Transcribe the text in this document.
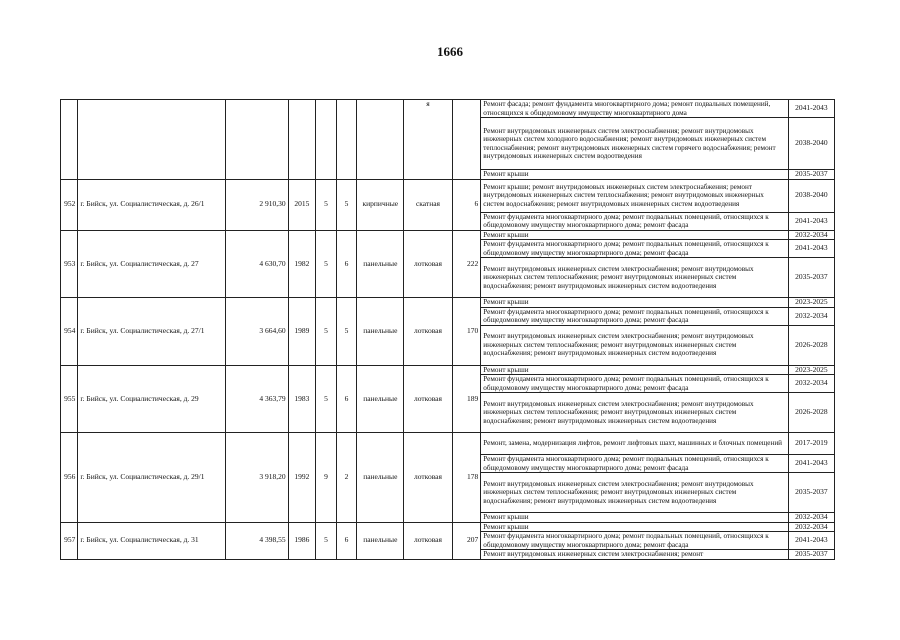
1666
							я		Ремонт фасада; ремонт фундамента многоквартирного дома; ремонт подвальных помещений, относящихся к общедомовому имуществу многоквартирного дома	2041-2043
									Ремонт внутридомовых инженерных систем электроснабжения; ремонт внутридомовых инженерных систем холодного водоснабжения; ремонт внутридомовых инженерных систем теплоснабжения; ремонт внутридомовых инженерных систем горячего водоснабжения; ремонт внутридомовых инженерных систем водоотведения	2038-2040
									Ремонт крыши	2035-2037
952	г. Бийск, ул. Социалистическая, д. 26/1	2 910,30	2015	5	5	кирпичные	скатная	6	Ремонт крыши; ремонт внутридомовых инженерных систем электроснабжения; ремонт внутридомовых инженерных систем теплоснабжения; ремонт внутридомовых инженерных систем водоснабжения; ремонт внутридомовых инженерных систем водоотведения	2038-2040
									Ремонт фундамента многоквартирного дома; ремонт подвальных помещений, относящихся к общедомовому имуществу многоквартирного дома; ремонт фасада	2041-2043
953	г. Бийск, ул. Социалистическая, д. 27	4 630,70	1982	5	6	панельные	лотковая	222	Ремонт крыши	2032-2034
									Ремонт фундамента многоквартирного дома; ремонт подвальных помещений, относящихся к общедомовому имуществу многоквартирного дома; ремонт фасада	2041-2043
									Ремонт внутридомовых инженерных систем электроснабжения; ремонт внутридомовых инженерных систем теплоснабжения; ремонт внутридомовых инженерных систем водоснабжения; ремонт внутридомовых инженерных систем водоотведения	2035-2037
954	г. Бийск, ул. Социалистическая, д. 27/1	3 664,60	1989	5	5	панельные	лотковая	170	Ремонт крыши	2023-2025
									Ремонт фундамента многоквартирного дома; ремонт подвальных помещений, относящихся к общедомовому имуществу многоквартирного дома; ремонт фасада	2032-2034
									Ремонт внутридомовых инженерных систем электроснабжения; ремонт внутридомовых инженерных систем теплоснабжения; ремонт внутридомовых инженерных систем водоснабжения; ремонт внутридомовых инженерных систем водоотведения	2026-2028
955	г. Бийск, ул. Социалистическая, д. 29	4 363,79	1983	5	6	панельные	лотковая	189	Ремонт крыши	2023-2025
									Ремонт фундамента многоквартирного дома; ремонт подвальных помещений, относящихся к общедомовому имуществу многоквартирного дома; ремонт фасада	2032-2034
									Ремонт внутридомовых инженерных систем электроснабжения; ремонт внутридомовых инженерных систем теплоснабжения; ремонт внутридомовых инженерных систем водоснабжения; ремонт внутридомовых инженерных систем водоотведения	2026-2028
956	г. Бийск, ул. Социалистическая, д. 29/1	3 918,20	1992	9	2	панельные	лотковая	178	Ремонт, замена, модернизация лифтов, ремонт лифтовых шахт, машинных и блочных помещений	2017-2019
									Ремонт фундамента многоквартирного дома; ремонт подвальных помещений, относящихся к общедомовому имуществу многоквартирного дома; ремонт фасада	2041-2043
									Ремонт внутридомовых инженерных систем электроснабжения; ремонт внутридомовых инженерных систем теплоснабжения; ремонт внутридомовых инженерных систем водоснабжения; ремонт внутридомовых инженерных систем водоотведения	2035-2037
									Ремонт крыши	2032-2034
957	г. Бийск, ул. Социалистическая, д. 31	4 398,55	1986	5	6	панельные	лотковая	207	Ремонт крыши	2032-2034
									Ремонт фундамента многоквартирного дома; ремонт подвальных помещений, относящихся к общедомовому имуществу многоквартирного дома; ремонт фасада	2041-2043
									Ремонт внутридомовых инженерных систем электроснабжения; ремонт	2035-2037
